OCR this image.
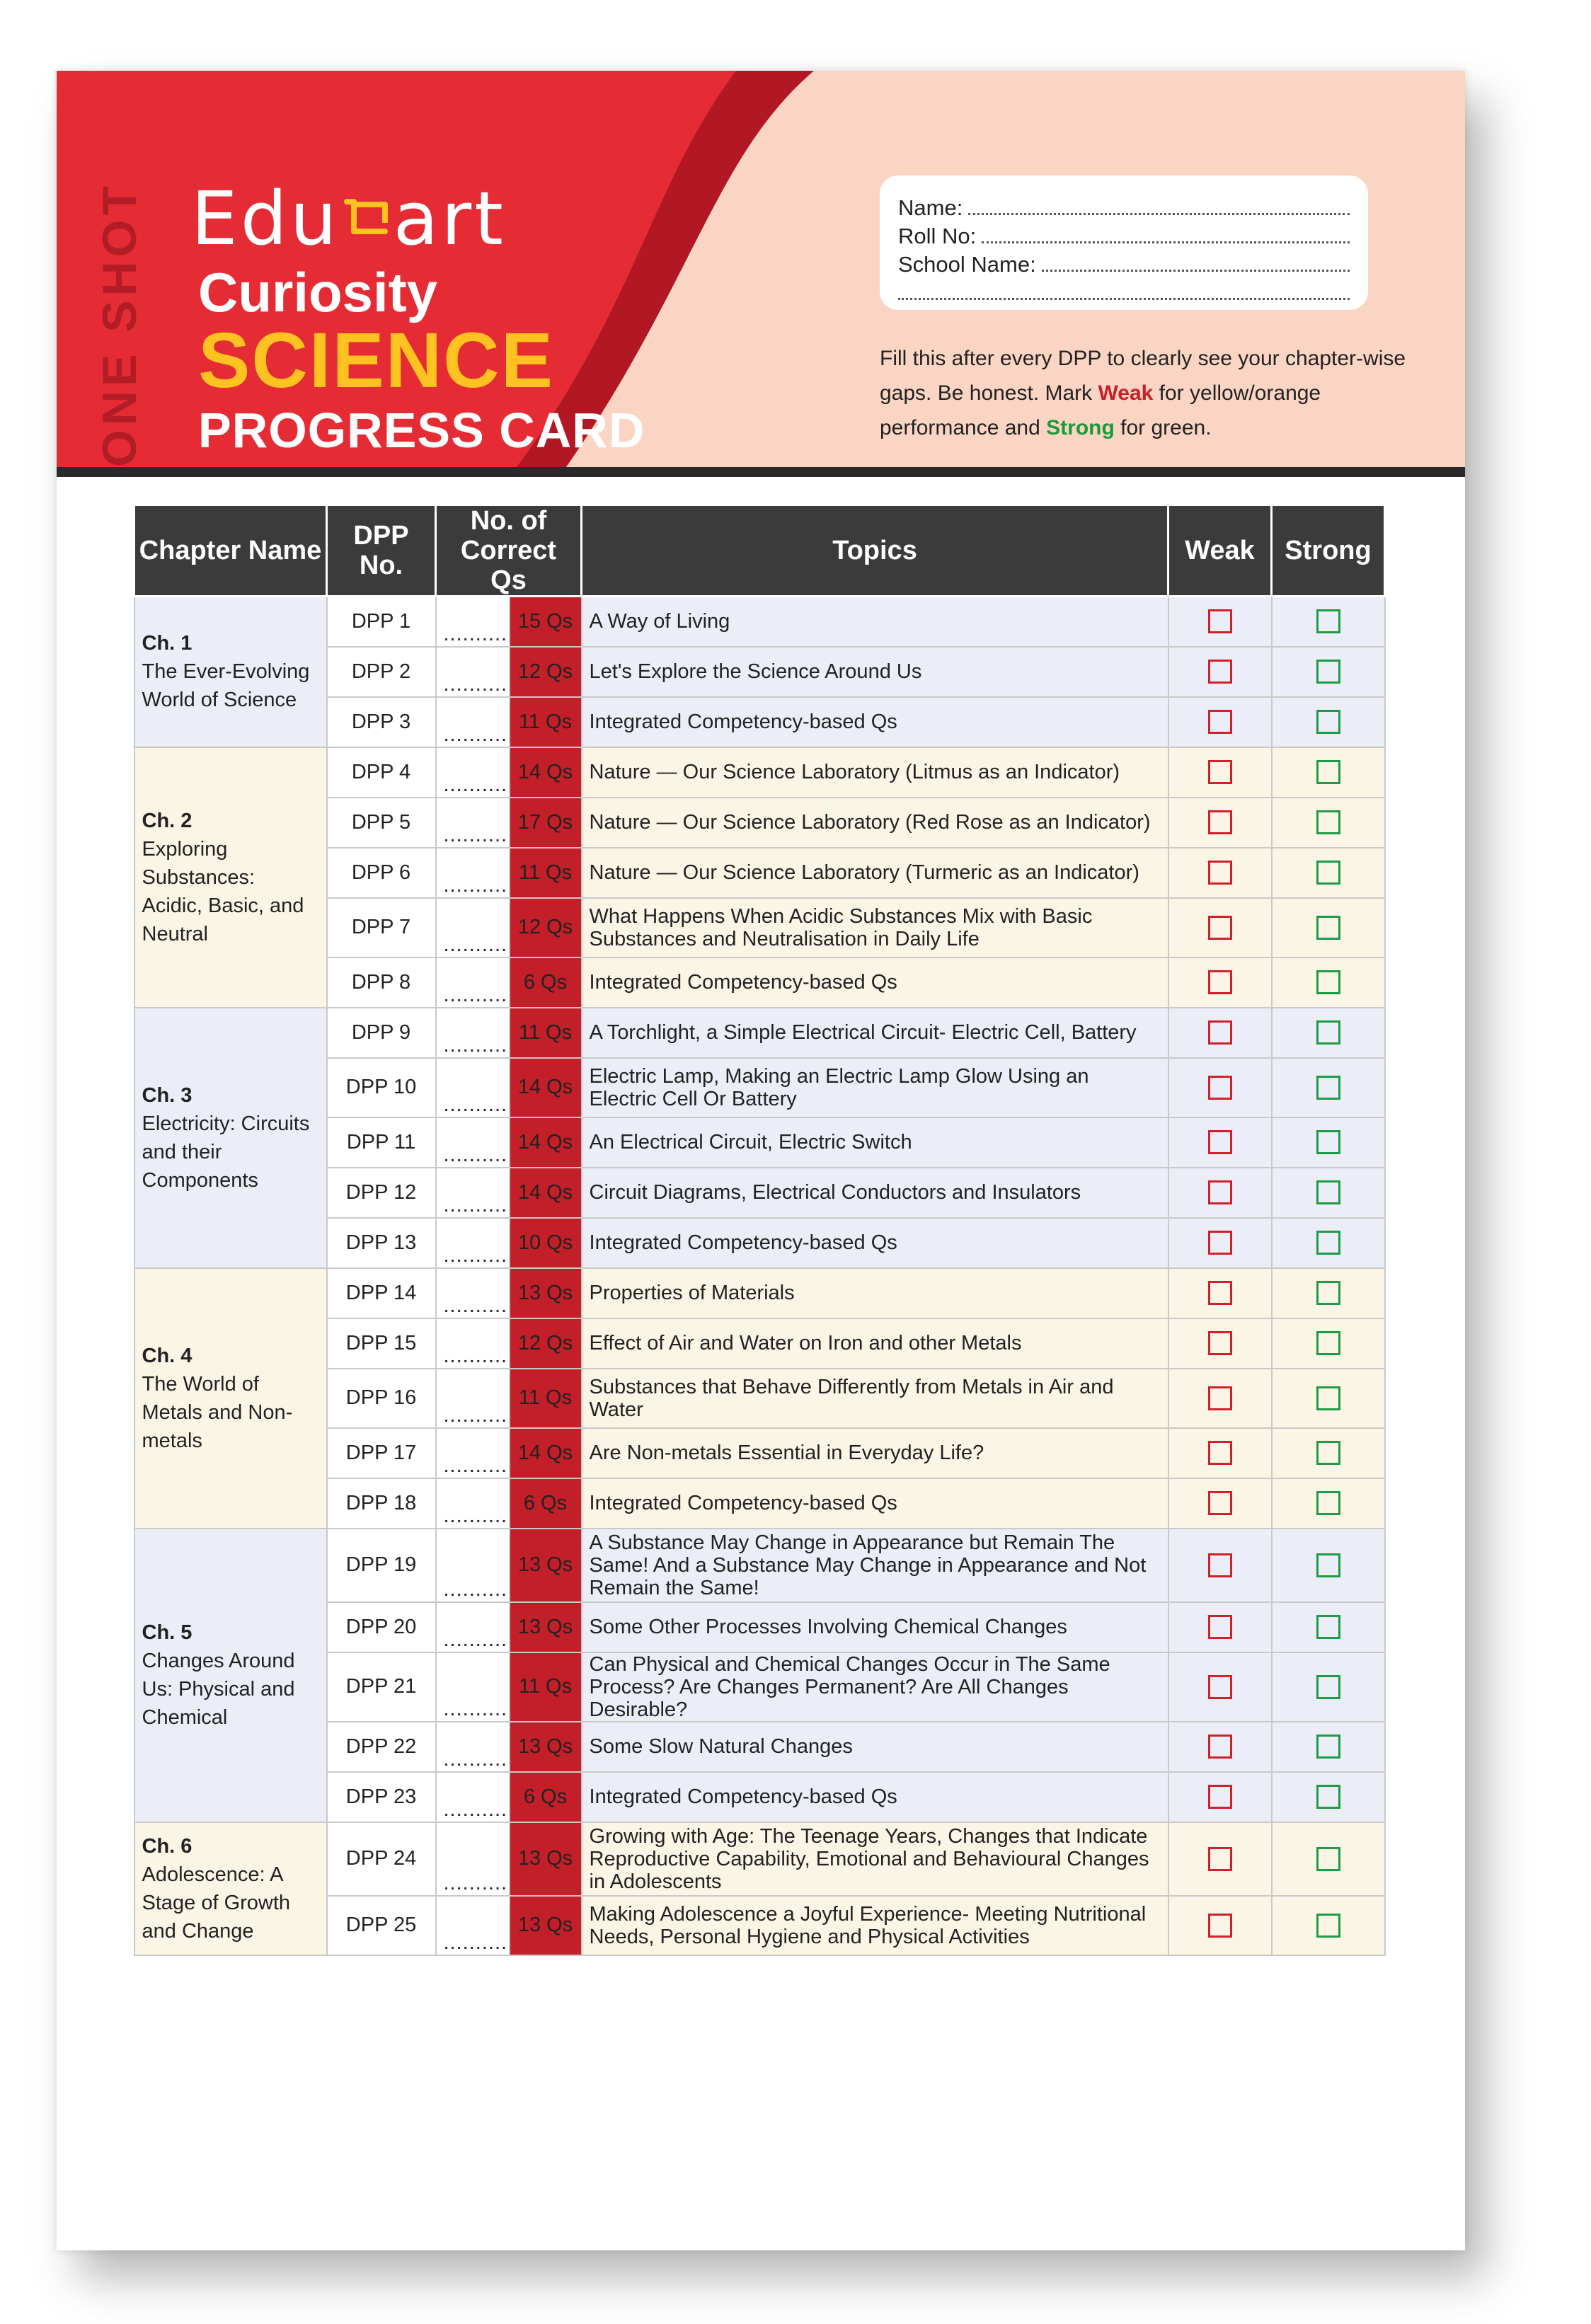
ONE SHOT Edu art
Curiosity
SCIENCE
PROGRESS CARD
Name:
Roll No:
School Name:
Fill this after every DPP to clearly see your chapter-wise gaps. Be honest. Mark Weak for yellow/orange performance and Strong for green.
Chapter Name	DPP No.	No. of Correct Qs		Topics	Weak	Strong

Ch. 1
The Ever-Evolving World of Science	DPP 1	..........	15 Qs	A Way of Living		
	DPP 2	..........	12 Qs	Let's Explore the Science Around Us		
	DPP 3	..........	11 Qs	Integrated Competency-based Qs		

Ch. 2
Exploring Substances: Acidic, Basic, and Neutral	DPP 4	..........	14 Qs	Nature — Our Science Laboratory (Litmus as an Indicator)		
	DPP 5	..........	17 Qs	Nature — Our Science Laboratory (Red Rose as an Indicator)		
	DPP 6	..........	11 Qs	Nature — Our Science Laboratory (Turmeric as an Indicator)		
	DPP 7	..........	12 Qs	What Happens When Acidic Substances Mix with Basic Substances and Neutralisation in Daily Life		
	DPP 8	..........	6 Qs	Integrated Competency-based Qs		

Ch. 3
Electricity: Circuits and their Components	DPP 9	..........	11 Qs	A Torchlight, a Simple Electrical Circuit- Electric Cell, Battery		
	DPP 10	..........	14 Qs	Electric Lamp, Making an Electric Lamp Glow Using an Electric Cell Or Battery		
	DPP 11	..........	14 Qs	An Electrical Circuit, Electric Switch		
	DPP 12	..........	14 Qs	Circuit Diagrams, Electrical Conductors and Insulators		
	DPP 13	..........	10 Qs	Integrated Competency-based Qs		

Ch. 4
The World of Metals and Non-metals	DPP 14	..........	13 Qs	Properties of Materials		
	DPP 15	..........	12 Qs	Effect of Air and Water on Iron and other Metals		
	DPP 16	..........	11 Qs	Substances that Behave Differently from Metals in Air and Water		
	DPP 17	..........	14 Qs	Are Non-metals Essential in Everyday Life?		
	DPP 18	..........	6 Qs	Integrated Competency-based Qs		

Ch. 5
Changes Around Us: Physical and Chemical	DPP 19	..........	13 Qs	A Substance May Change in Appearance but Remain The Same! And a Substance May Change in Appearance and Not Remain the Same!		
	DPP 20	..........	13 Qs	Some Other Processes Involving Chemical Changes		
	DPP 21	..........	11 Qs	Can Physical and Chemical Changes Occur in The Same Process? Are Changes Permanent? Are All Changes Desirable?		
	DPP 22	..........	13 Qs	Some Slow Natural Changes		
	DPP 23	..........	6 Qs	Integrated Competency-based Qs		

Ch. 6
Adolescence: A Stage of Growth and Change	DPP 24	..........	13 Qs	Growing with Age: The Teenage Years, Changes that Indicate Reproductive Capability, Emotional and Behavioural Changes in Adolescents		
	DPP 25	..........	13 Qs	Making Adolescence a Joyful Experience- Meeting Nutritional Needs, Personal Hygiene and Physical Activities		
